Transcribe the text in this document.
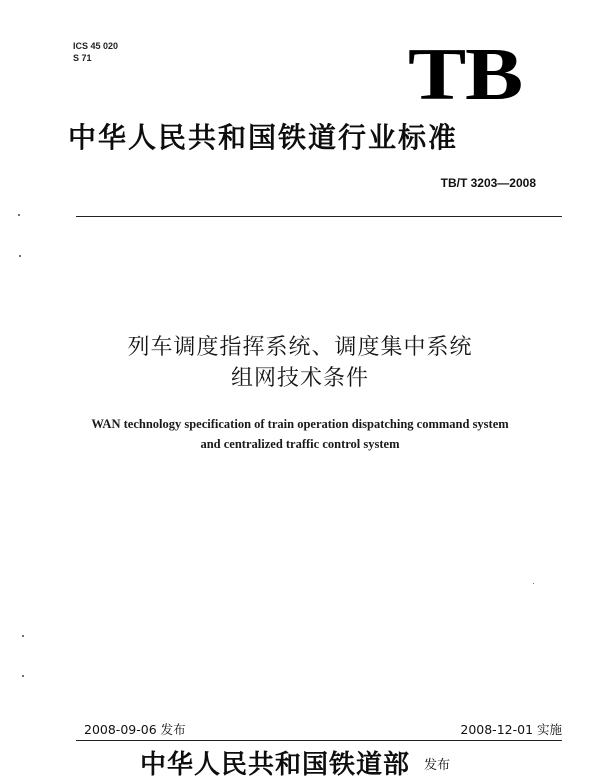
ICS 45 020
S 71	TB
中华人民共和国铁道行业标准
TB/T 3203—2008
列车调度指挥系统、调度集中系统
组网技术条件
WAN technology specification of train operation dispatching command system
and centralized traffic control system
2008-09-06 发布	2008-12-01 实施
中华人民共和国铁道部 发布
